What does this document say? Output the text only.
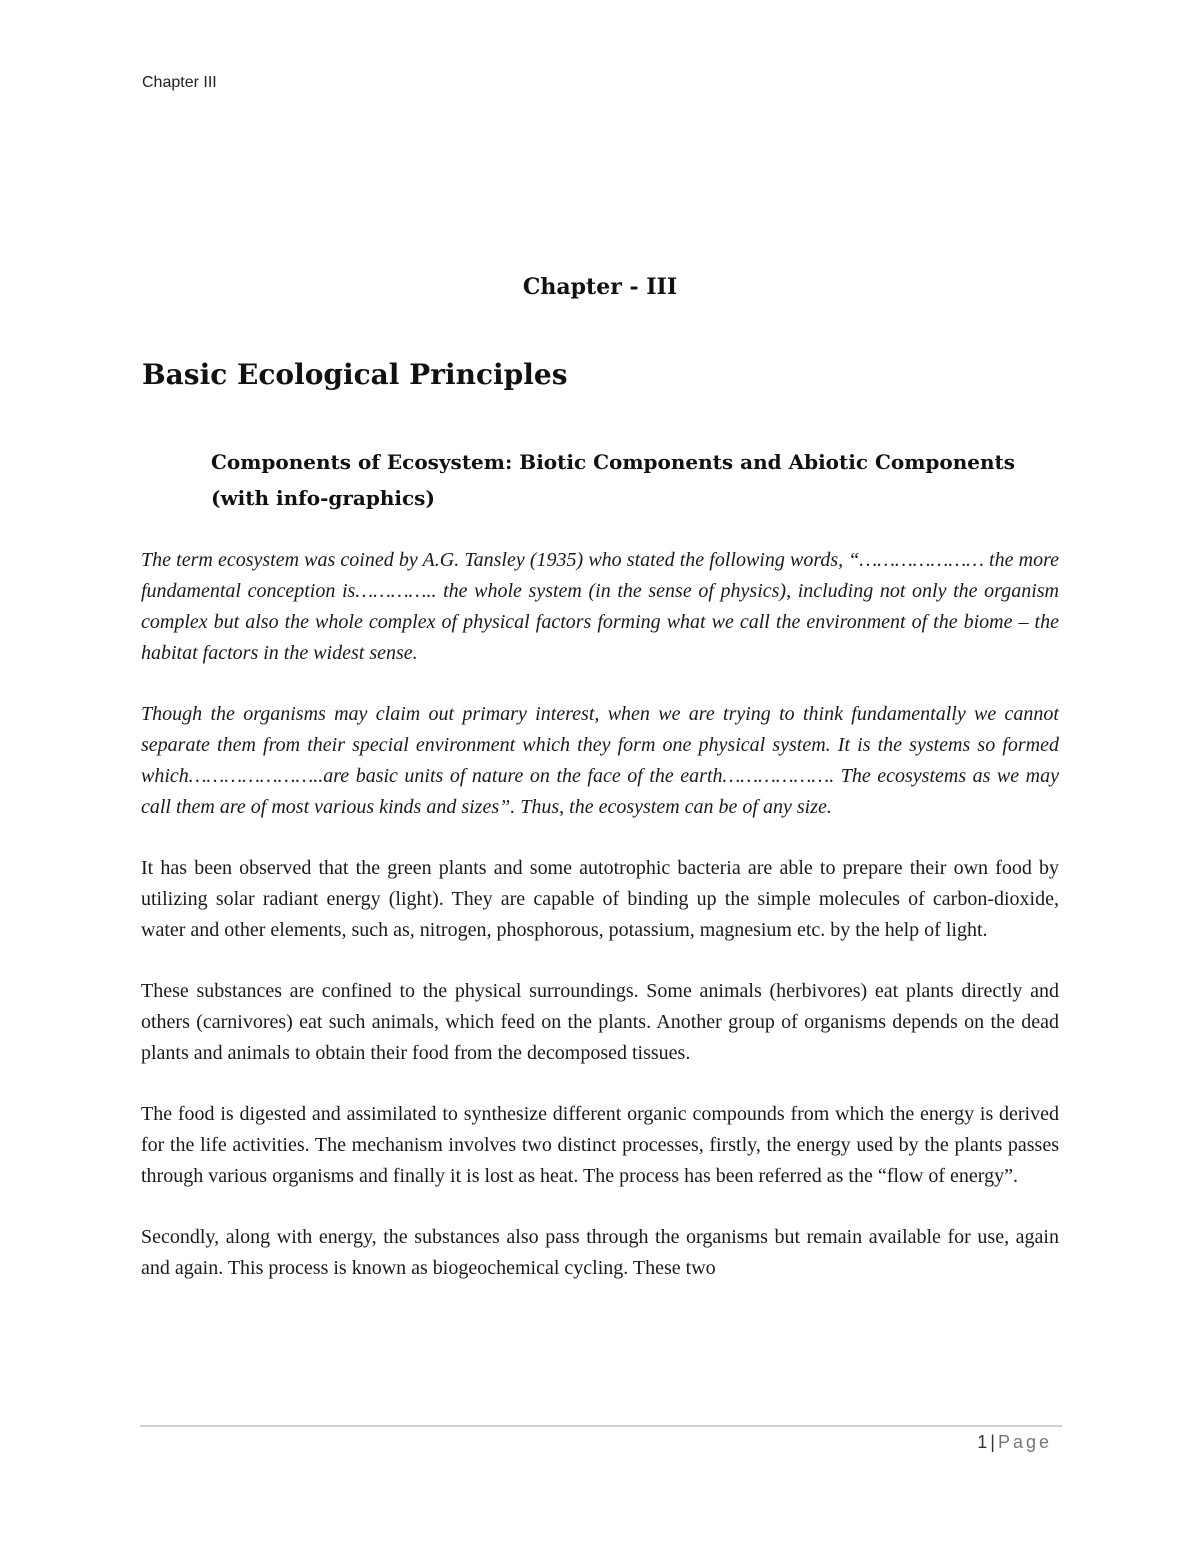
Chapter III
Chapter - III
Basic Ecological Principles
Components of Ecosystem: Biotic Components and Abiotic Components (with info-graphics)

The term ecosystem was coined by A.G. Tansley (1935) who stated the following words, “………………… the more fundamental conception is………….. the whole system (in the sense of physics), including not only the organism complex but also the whole complex of physical factors forming what we call the environment of the biome – the habitat factors in the widest sense.

Though the organisms may claim out primary interest, when we are trying to think fundamentally we cannot separate them from their special environment which they form one physical system. It is the systems so formed which…………………..are basic units of nature on the face of the earth………………. The ecosystems as we may call them are of most various kinds and sizes”. Thus, the ecosystem can be of any size.

It has been observed that the green plants and some autotrophic bacteria are able to prepare their own food by utilizing solar radiant energy (light). They are capable of binding up the simple molecules of carbon-dioxide, water and other elements, such as, nitrogen, phosphorous, potassium, magnesium etc. by the help of light.

These substances are confined to the physical surroundings. Some animals (herbivores) eat plants directly and others (carnivores) eat such animals, which feed on the plants. Another group of organisms depends on the dead plants and animals to obtain their food from the decomposed tissues.

The food is digested and assimilated to synthesize different organic compounds from which the energy is derived for the life activities. The mechanism involves two distinct processes, firstly, the energy used by the plants passes through various organisms and finally it is lost as heat. The process has been referred as the “flow of energy”.

Secondly, along with energy, the substances also pass through the organisms but remain available for use, again and again. This process is known as biogeochemical cycling. These two

1 | Page
